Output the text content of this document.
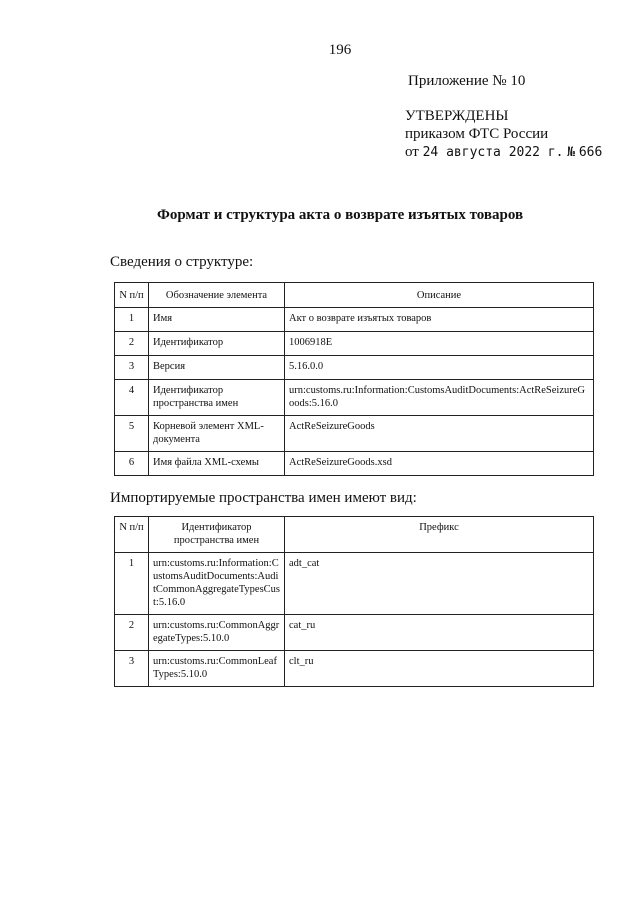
196
Приложение № 10
УТВЕРЖДЕНЫ
приказом ФТС России
от 24 августа 2022 г. № 666
Формат и структура акта о возврате изъятых товаров
Сведения о структуре:
N п/п	Обозначение элемента	Описание
1	Имя	Акт о возврате изъятых товаров
2	Идентификатор	1006918E
3	Версия	5.16.0.0
4	Идентификатор пространства имен	urn:customs.ru:Information:CustomsAuditDocuments:ActReSeizureGoods:5.16.0
5	Корневой элемент XML-документа	ActReSeizureGoods
6	Имя файла XML-схемы	ActReSeizureGoods.xsd
Импортируемые пространства имен имеют вид:
N п/п	Идентификатор пространства имен	Префикс
1	urn:customs.ru:Information:CustomsAuditDocuments:AuditCommonAggregateTypesCust:5.16.0	adt_cat
2	urn:customs.ru:CommonAggregateTypes:5.10.0	cat_ru
3	urn:customs.ru:CommonLeafTypes:5.10.0	clt_ru
